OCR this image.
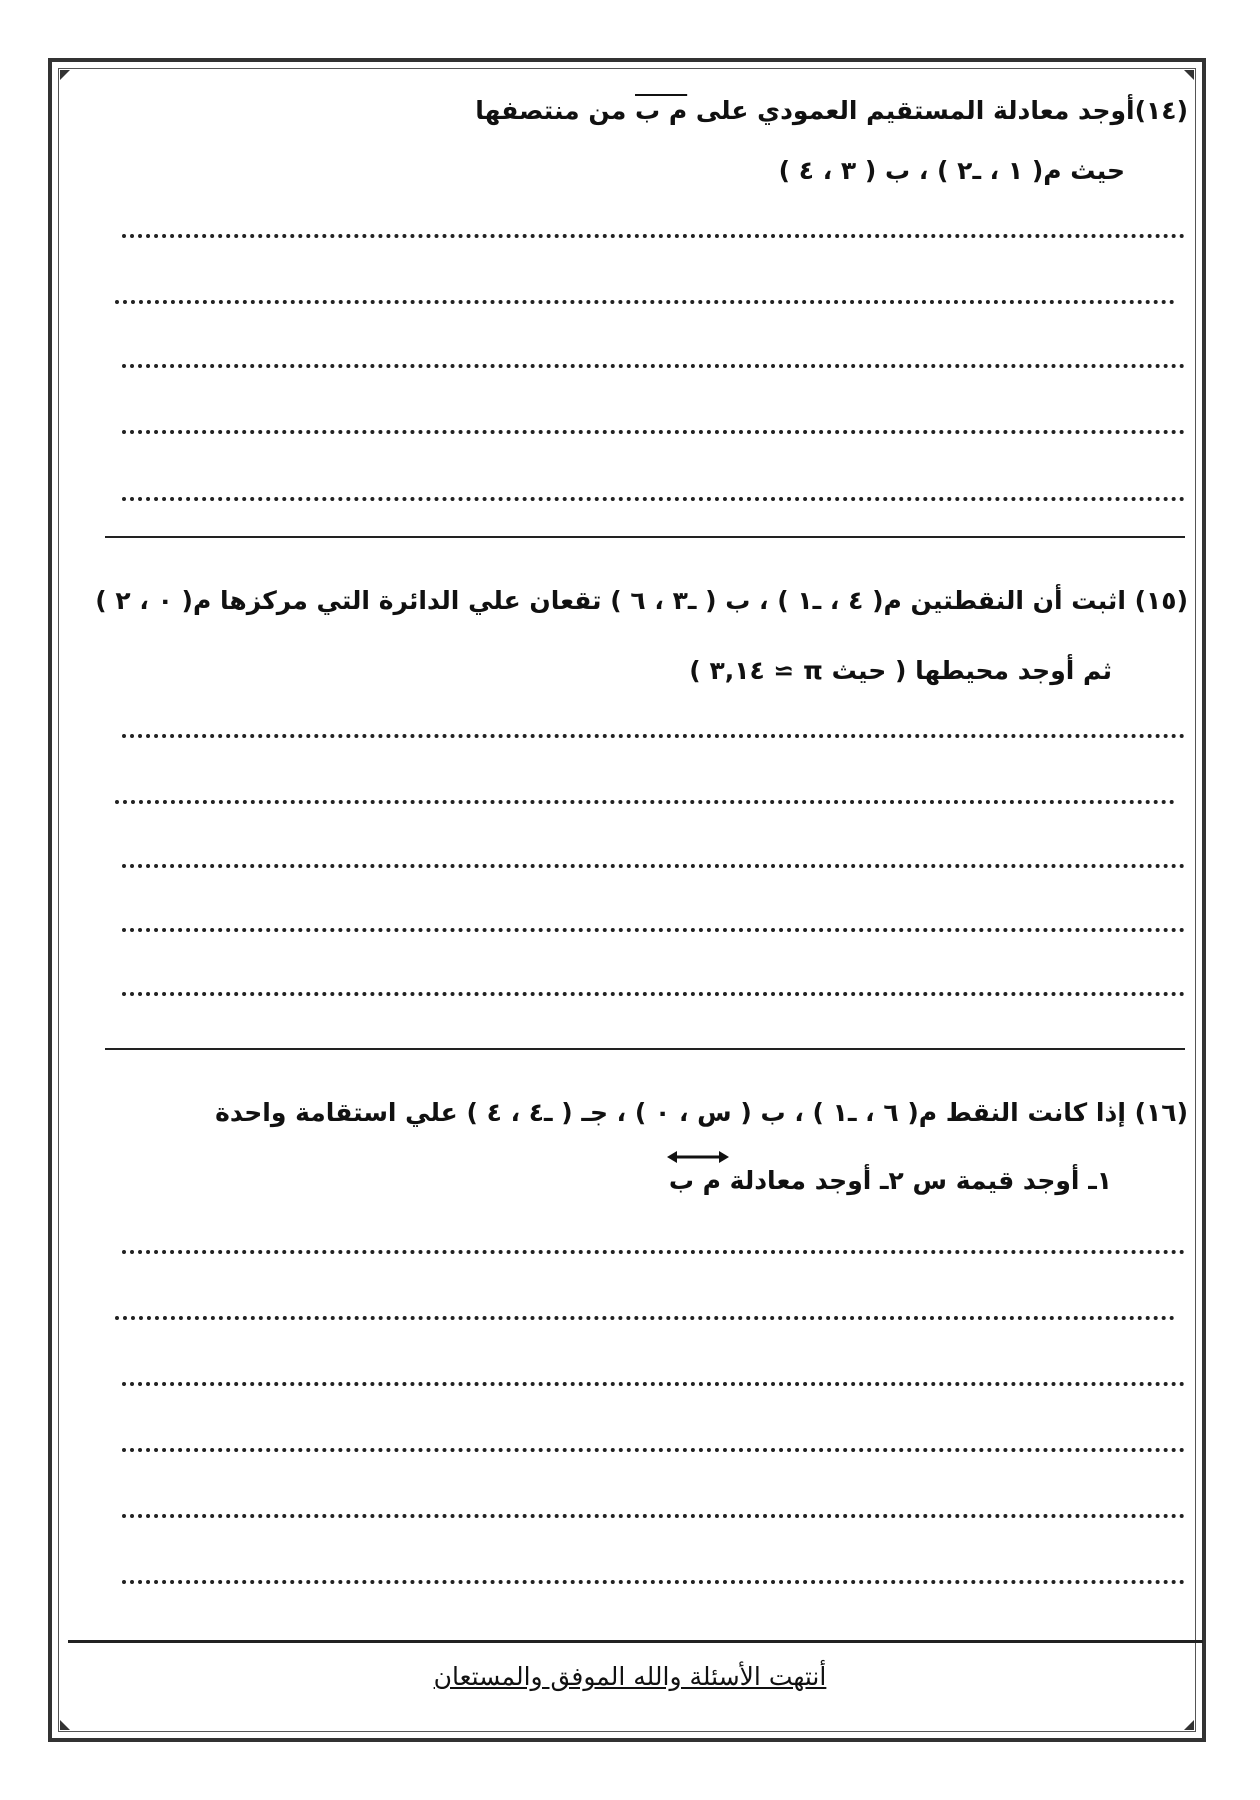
(١٤)أوجد معادلة المستقيم العمودي على م ب من منتصفها
حيث م( ١ ، ـ٢ ) ، ب ( ٣ ، ٤ )
(١٥) اثبت أن النقطتين م( ٤ ، ـ١ ) ، ب ( ـ٣ ، ٦ ) تقعان علي الدائرة التي مركزها م( ٠ ، ٢ )
ثم أوجد محيطها ( حيث π ≃ ٣,١٤ )
(١٦) إذا كانت النقط م( ٦ ، ـ١ ) ، ب ( س ، ٠ ) ، جـ ( ـ٤ ، ٤ ) علي استقامة واحدة
١ـ أوجد قيمة س ٢ـ أوجد معادلة
م ب
أنتهت الأسئلة والله الموفق والمستعان
